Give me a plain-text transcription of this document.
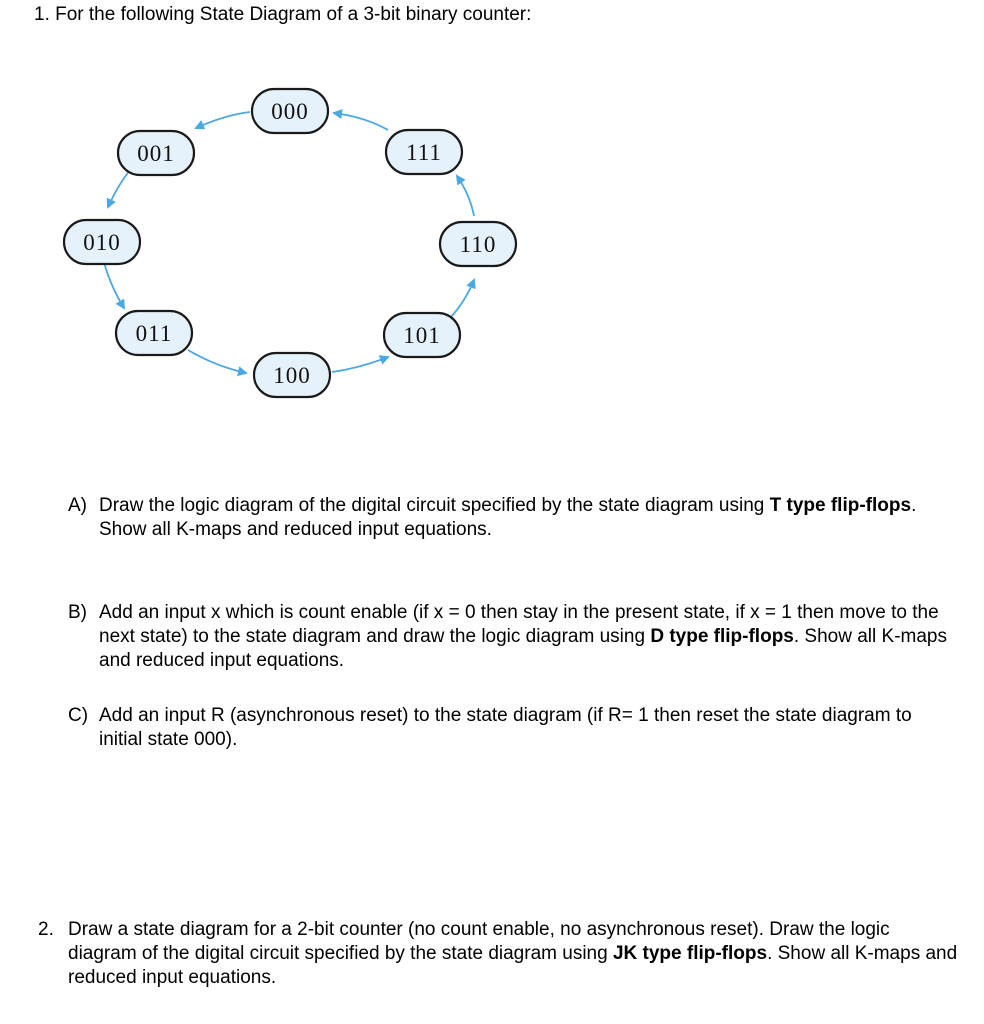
1. For the following State Diagram of a 3-bit binary counter:
000
001
010
011
100
101
110
111

A) Draw the logic diagram of the digital circuit specified by the state diagram using T type flip-flops. Show all K-maps and reduced input equations.

B) Add an input x which is count enable (if x = 0 then stay in the present state, if x = 1 then move to the next state) to the state diagram and draw the logic diagram using D type flip-flops. Show all K-maps and reduced input equations.

C) Add an input R (asynchronous reset) to the state diagram (if R= 1 then reset the state diagram to initial state 000).

2. Draw a state diagram for a 2-bit counter (no count enable, no asynchronous reset). Draw the logic diagram of the digital circuit specified by the state diagram using JK type flip-flops. Show all K-maps and reduced input equations.
